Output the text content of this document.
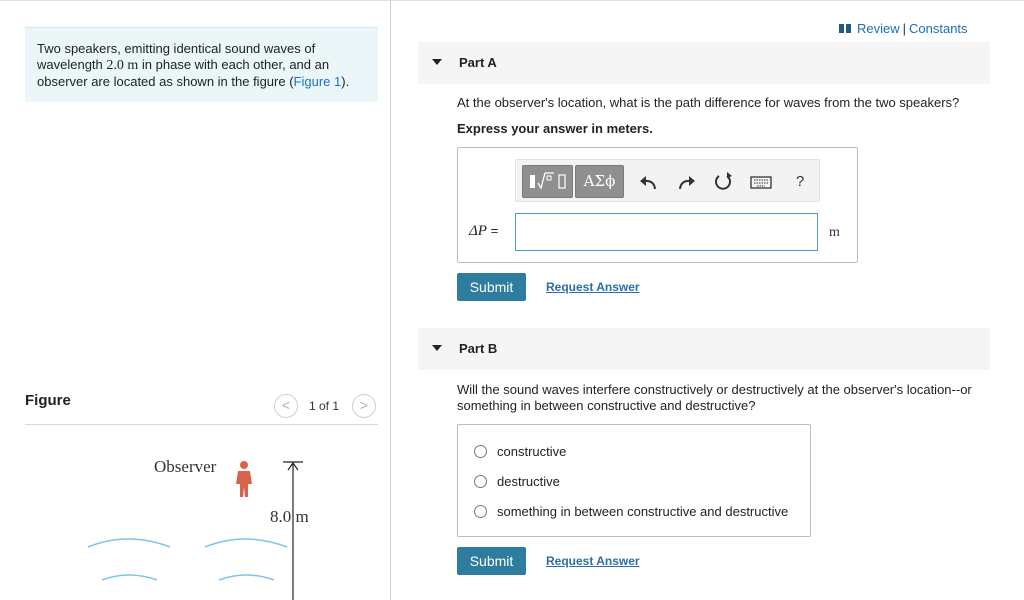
Two speakers, emitting identical sound waves of wavelength 2.0 m in phase with each other, and an observer are located as shown in the figure (Figure 1).
Figure	<	1 of 1	>
Observer
8.0 m
Review | Constants
Part A
At the observer's location, what is the path difference for waves from the two speakers?
Express your answer in meters.
ΑΣϕ	?
ΔP =	m
Submit	Request Answer
Part B
Will the sound waves interfere constructively or destructively at the observer's location--or something in between constructive and destructive?
constructive
destructive
something in between constructive and destructive
Submit	Request Answer
